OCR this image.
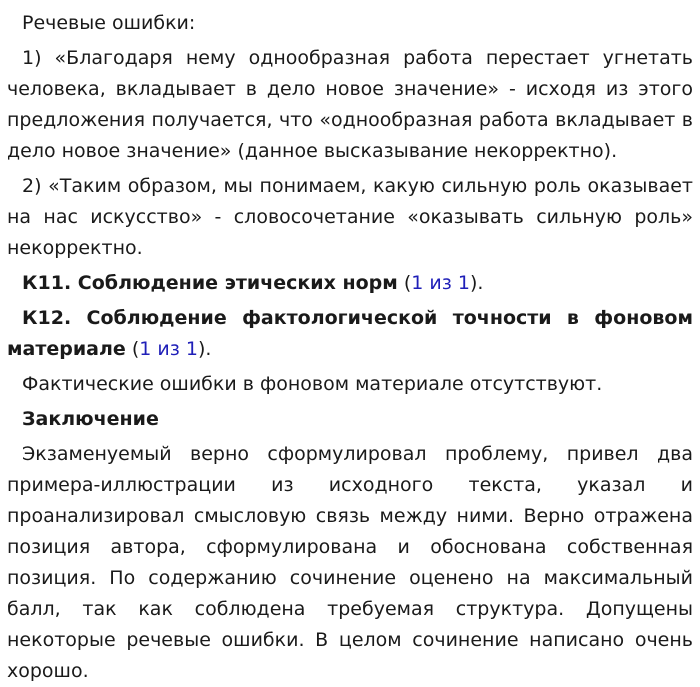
Речевые ошибки:

1) «Благодаря нему однообразная работа перестает угнетать человека, вкладывает в дело новое значение» - исходя из этого предложения получается, что «однообразная работа вкладывает в дело новое значение» (данное высказывание некорректно).

2) «Таким образом, мы понимаем, какую сильную роль оказывает на нас искусство» - словосочетание «оказывать сильную роль» некорректно.

К11. Соблюдение этических норм (1 из 1).

К12. Соблюдение фактологической точности в фоновом материале (1 из 1).

Фактические ошибки в фоновом материале отсутствуют.

Заключение

Экзаменуемый верно сформулировал проблему, привел два примера-иллюстрации из исходного текста, указал и проанализировал смысловую связь между ними. Верно отражена позиция автора, сформулирована и обоснована собственная позиция. По содержанию сочинение оценено на максимальный балл, так как соблюдена требуемая структура. Допущены некоторые речевые ошибки. В целом сочинение написано очень хорошо.
